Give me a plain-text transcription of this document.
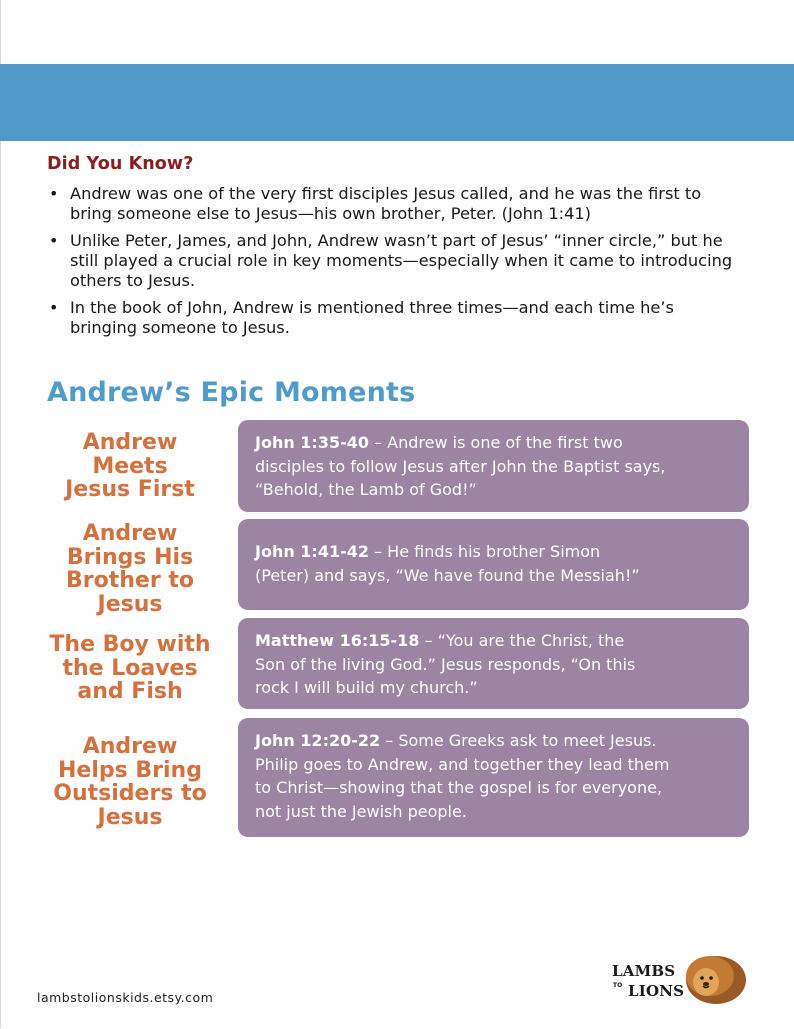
Did You Know?
• Andrew was one of the very first disciples Jesus called, and he was the first to
bring someone else to Jesus—his own brother, Peter. (John 1:41)
• Unlike Peter, James, and John, Andrew wasn’t part of Jesus’ “inner circle,” but he
still played a crucial role in key moments—especially when it came to introducing
others to Jesus.
• In the book of John, Andrew is mentioned three times—and each time he’s
bringing someone to Jesus.
Andrew’s Epic Moments
Andrew
Meets
Jesus First
John 1:35-40 – Andrew is one of the first two
disciples to follow Jesus after John the Baptist says,
“Behold, the Lamb of God!”
Andrew
Brings His
Brother to
Jesus
John 1:41-42 – He finds his brother Simon
(Peter) and says, “We have found the Messiah!”
The Boy with
the Loaves
and Fish
Matthew 16:15-18 – “You are the Christ, the
Son of the living God.” Jesus responds, “On this
rock I will build my church.”
Andrew
Helps Bring
Outsiders to
Jesus
John 12:20-22 – Some Greeks ask to meet Jesus.
Philip goes to Andrew, and together they lead them
to Christ—showing that the gospel is for everyone,
not just the Jewish people.
lambstolionskids.etsy.com
LAMBS
TO LIONS
